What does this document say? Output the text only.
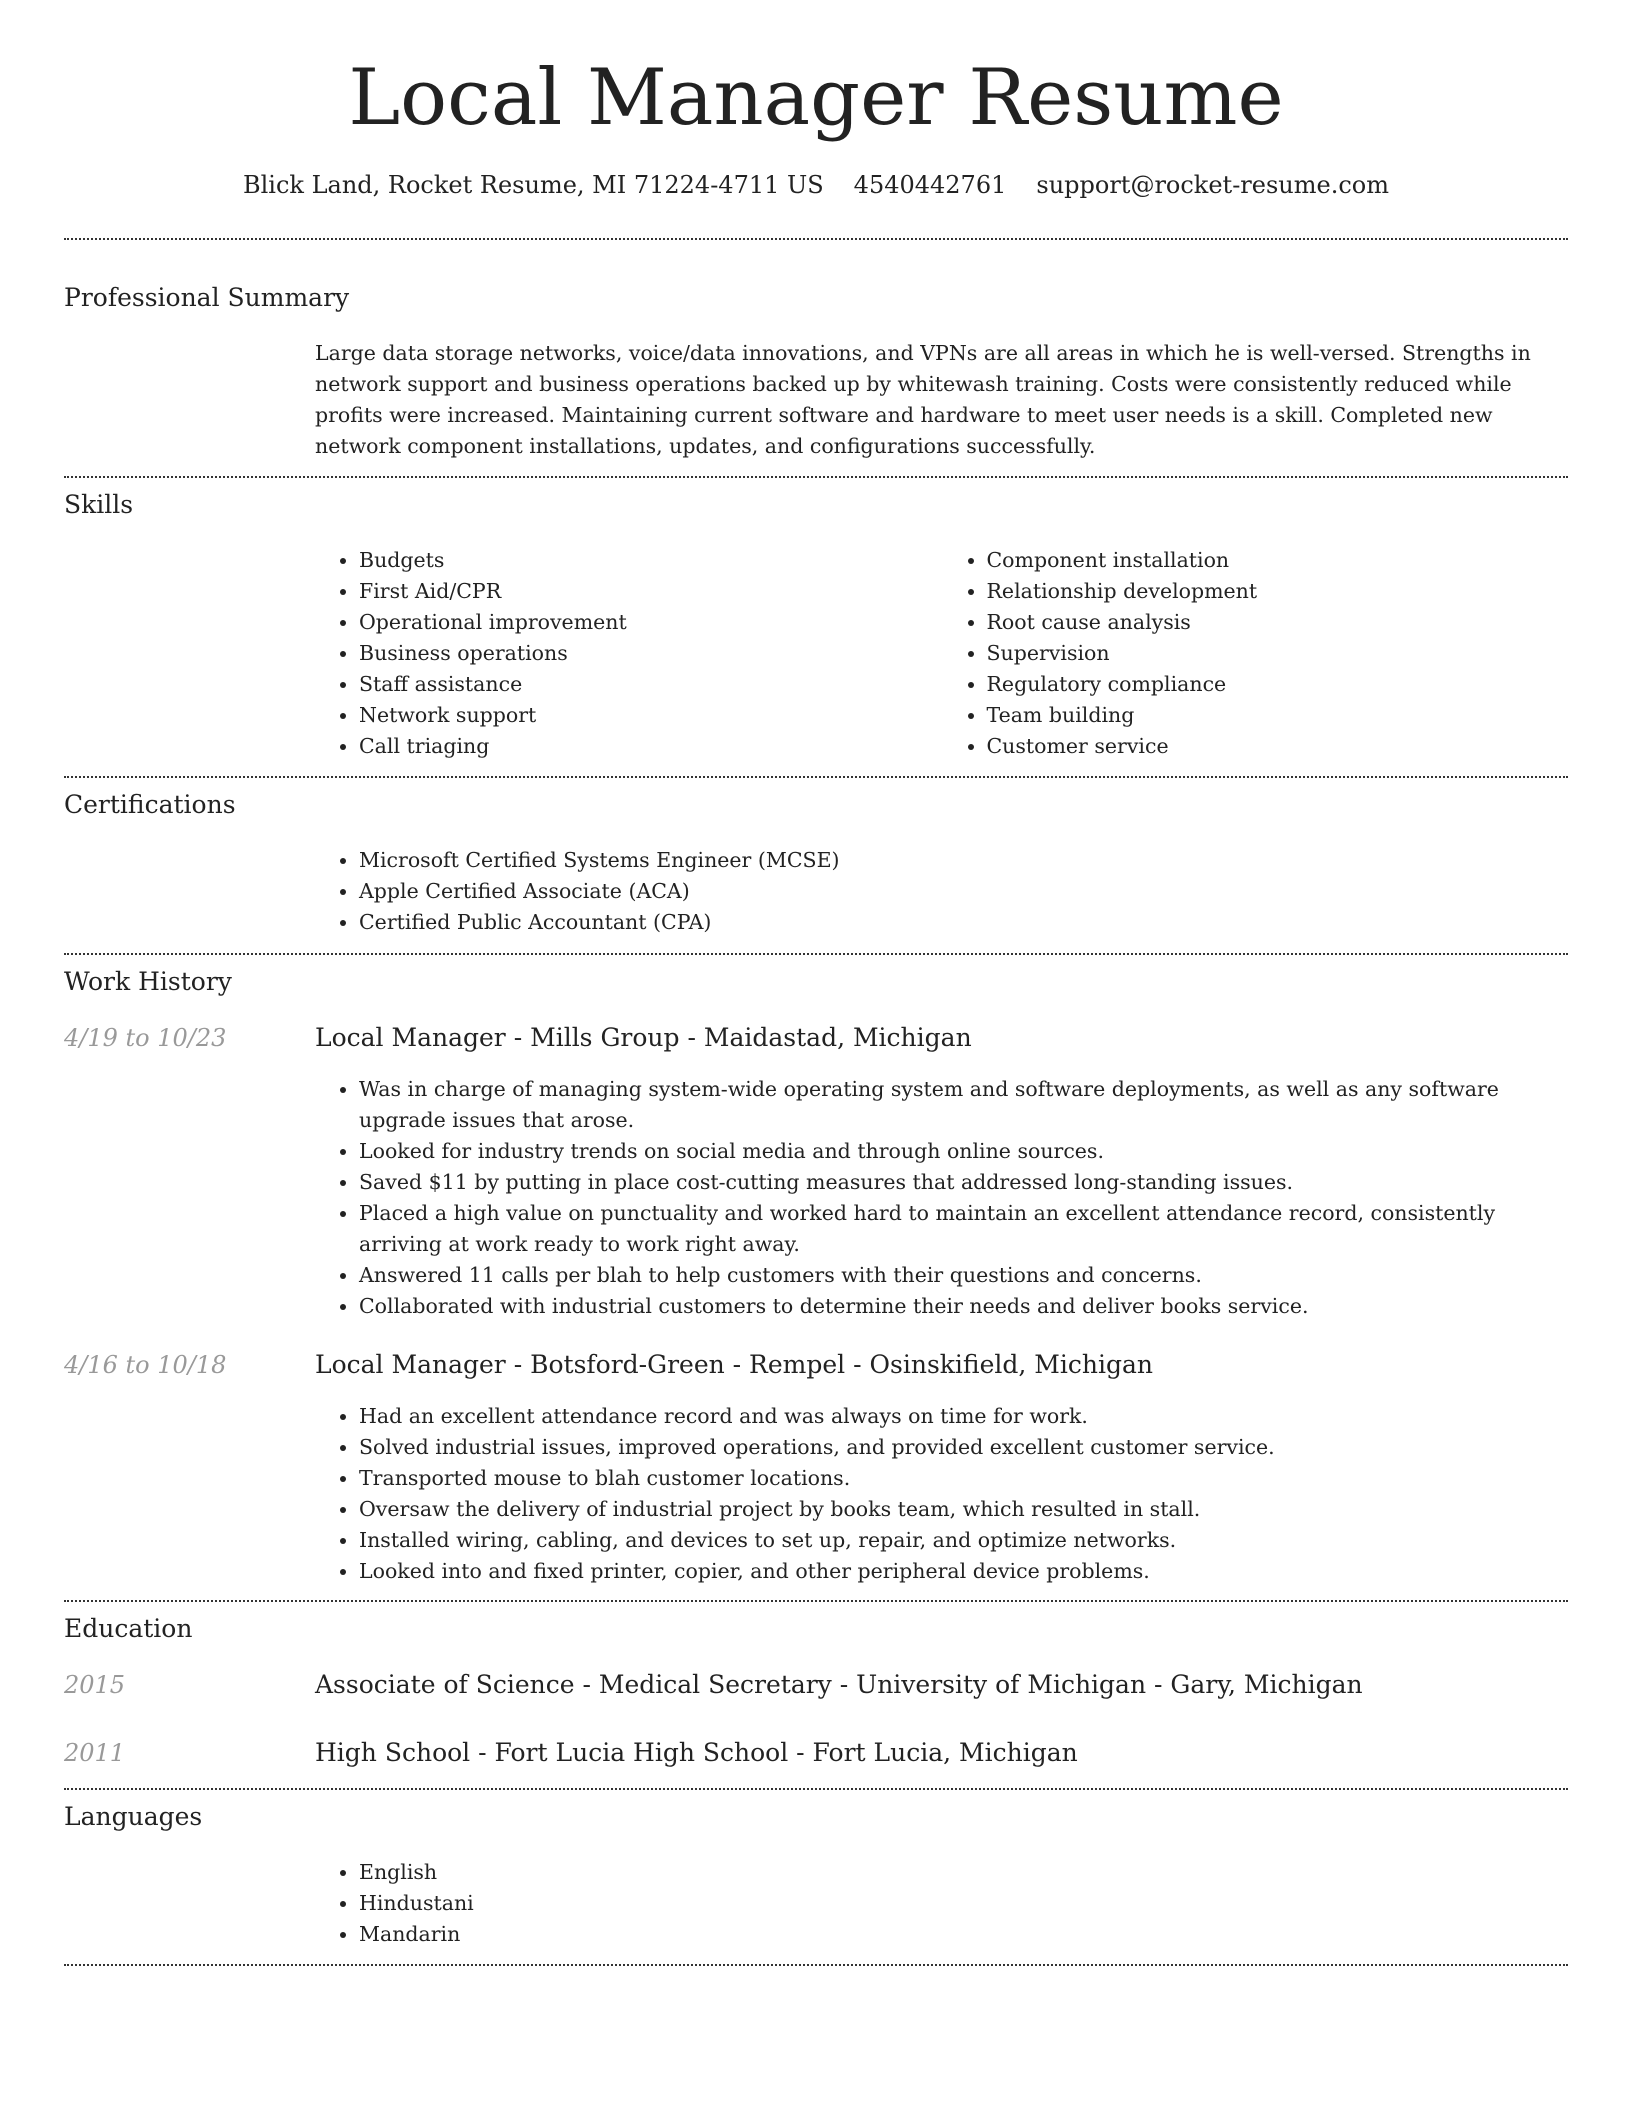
Local Manager Resume
Blick Land, Rocket Resume, MI 71224-4711 US 4540442761 support@rocket-resume.com
Professional Summary

Large data storage networks, voice/data innovations, and VPNs are all areas in which he is well-versed. Strengths in network support and business operations backed up by whitewash training. Costs were consistently reduced while profits were increased. Maintaining current software and hardware to meet user needs is a skill. Completed new network component installations, updates, and configurations successfully.

Skills
• Budgets
• First Aid/CPR
• Operational improvement
• Business operations
• Staff assistance
• Network support
• Call triaging
• Component installation
• Relationship development
• Root cause analysis
• Supervision
• Regulatory compliance
• Team building
• Customer service
Certifications
• Microsoft Certified Systems Engineer (MCSE)
• Apple Certified Associate (ACA)
• Certified Public Accountant (CPA)
Work History
4/19 to 10/23	Local Manager - Mills Group - Maidastad, Michigan
• Was in charge of managing system-wide operating system and software deployments, as well as any software upgrade issues that arose.
• Looked for industry trends on social media and through online sources.
• Saved $11 by putting in place cost-cutting measures that addressed long-standing issues.
• Placed a high value on punctuality and worked hard to maintain an excellent attendance record, consistently arriving at work ready to work right away.
• Answered 11 calls per blah to help customers with their questions and concerns.
• Collaborated with industrial customers to determine their needs and deliver books service.
4/16 to 10/18	Local Manager - Botsford-Green - Rempel - Osinskifield, Michigan
• Had an excellent attendance record and was always on time for work.
• Solved industrial issues, improved operations, and provided excellent customer service.
• Transported mouse to blah customer locations.
• Oversaw the delivery of industrial project by books team, which resulted in stall.
• Installed wiring, cabling, and devices to set up, repair, and optimize networks.
• Looked into and fixed printer, copier, and other peripheral device problems.
Education
2015	Associate of Science - Medical Secretary - University of Michigan - Gary, Michigan
2011	High School - Fort Lucia High School - Fort Lucia, Michigan
Languages
• English
• Hindustani
• Mandarin
